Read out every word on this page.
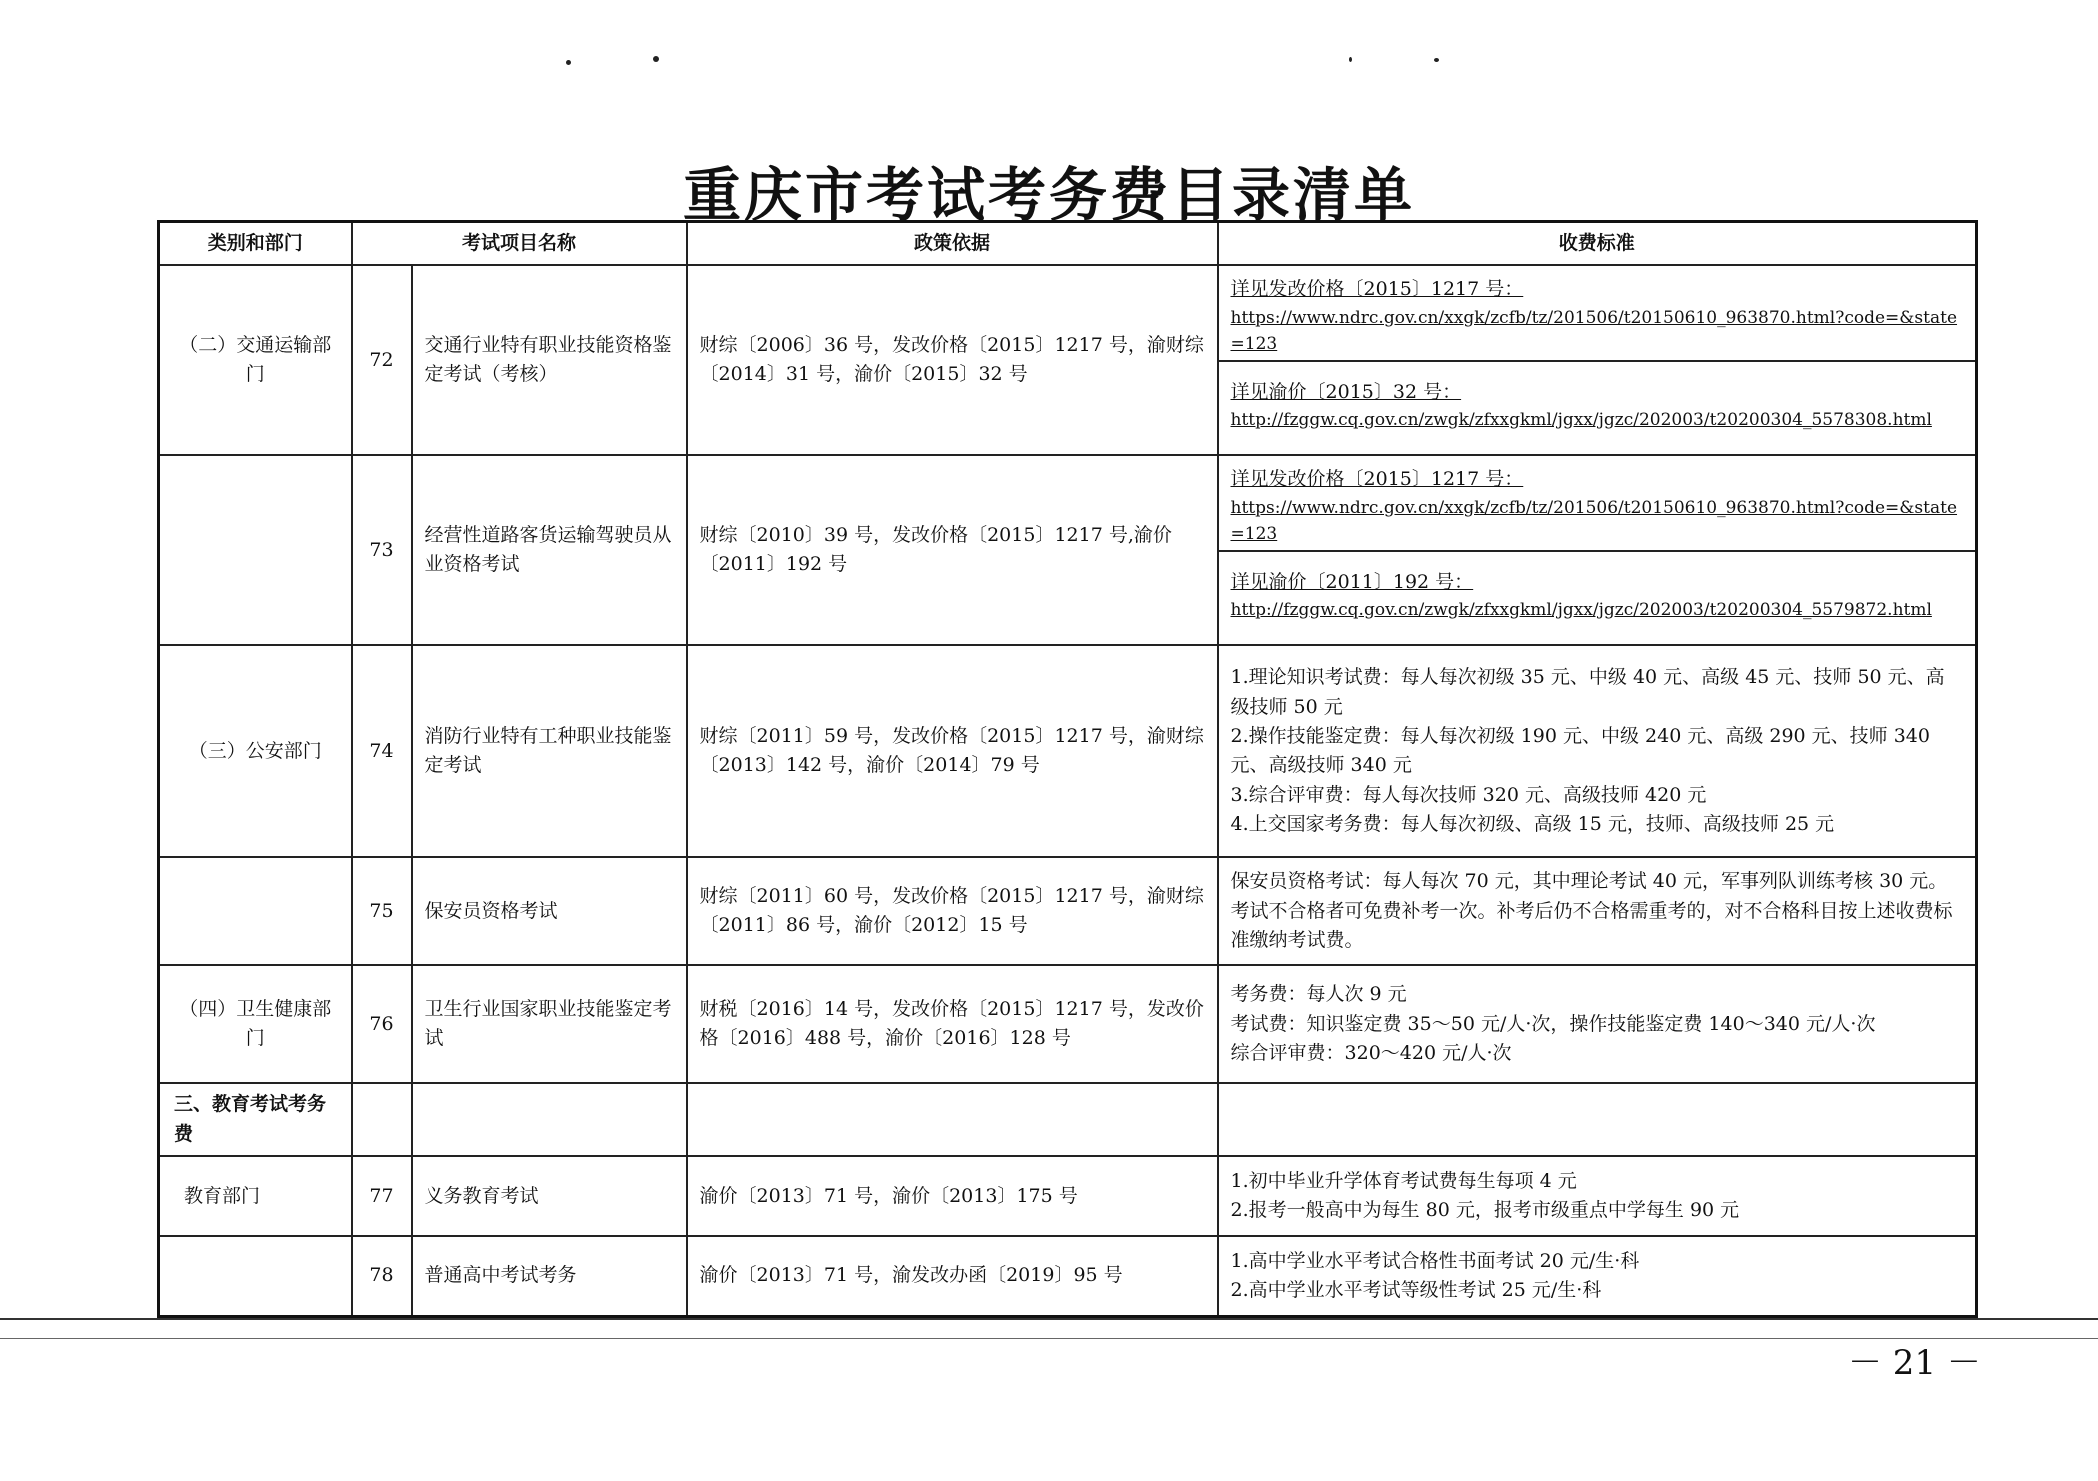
重庆市考试考务费目录清单
类别和部门	考试项目名称		政策依据	收费标准
（二）交通运输部门	72	交通行业特有职业技能资格鉴定考试（考核）	财综〔2006〕36 号，发改价格〔2015〕1217 号，渝财综〔2014〕31 号，渝价〔2015〕32 号	详见发改价格〔2015〕1217 号：
https://www.ndrc.gov.cn/xxgk/zcfb/tz/201506/t20150610_963870.html?code=&state=123
详见渝价〔2015〕32 号：
http://fzggw.cq.gov.cn/zwgk/zfxxgkml/jgxx/jgzc/202003/t20200304_5578308.html

	73	经营性道路客货运输驾驶员从业资格考试	财综〔2010〕39 号，发改价格〔2015〕1217 号,渝价〔2011〕192 号	详见发改价格〔2015〕1217 号：
https://www.ndrc.gov.cn/xxgk/zcfb/tz/201506/t20150610_963870.html?code=&state=123
详见渝价〔2011〕192 号：
http://fzggw.cq.gov.cn/zwgk/zfxxgkml/jgxx/jgzc/202003/t20200304_5579872.html

（三）公安部门	74	消防行业特有工种职业技能鉴定考试	财综〔2011〕59 号，发改价格〔2015〕1217 号，渝财综〔2013〕142 号，渝价〔2014〕79 号	1.理论知识考试费：每人每次初级 35 元、中级 40 元、高级 45 元、技师 50 元、高级技师 50 元
2.操作技能鉴定费：每人每次初级 190 元、中级 240 元、高级 290 元、技师 340 元、高级技师 340 元
3.综合评审费：每人每次技师 320 元、高级技师 420 元
4.上交国家考务费：每人每次初级、高级 15 元，技师、高级技师 25 元

	75	保安员资格考试	财综〔2011〕60 号，发改价格〔2015〕1217 号，渝财综〔2011〕86 号，渝价〔2012〕15 号	保安员资格考试：每人每次 70 元，其中理论考试 40 元，军事列队训练考核 30 元。考试不合格者可免费补考一次。补考后仍不合格需重考的，对不合格科目按上述收费标准缴纳考试费。

（四）卫生健康部门	76	卫生行业国家职业技能鉴定考试	财税〔2016〕14 号，发改价格〔2015〕1217 号，发改价格〔2016〕488 号，渝价〔2016〕128 号	考务费：每人次 9 元
考试费：知识鉴定费 35～50 元/人·次，操作技能鉴定费 140～340 元/人·次
综合评审费：320～420 元/人·次

三、教育考试考务费				
教育部门	77	义务教育考试	渝价〔2013〕71 号，渝价〔2013〕175 号	1.初中毕业升学体育考试费每生每项 4 元
2.报考一般高中为每生 80 元，报考市级重点中学每生 90 元

	78	普通高中考试考务	渝价〔2013〕71 号，渝发改办函〔2019〕95 号	1.高中学业水平考试合格性书面考试 20 元/生·科
2.高中学业水平考试等级性考试 25 元/生·科
－ 21 －
